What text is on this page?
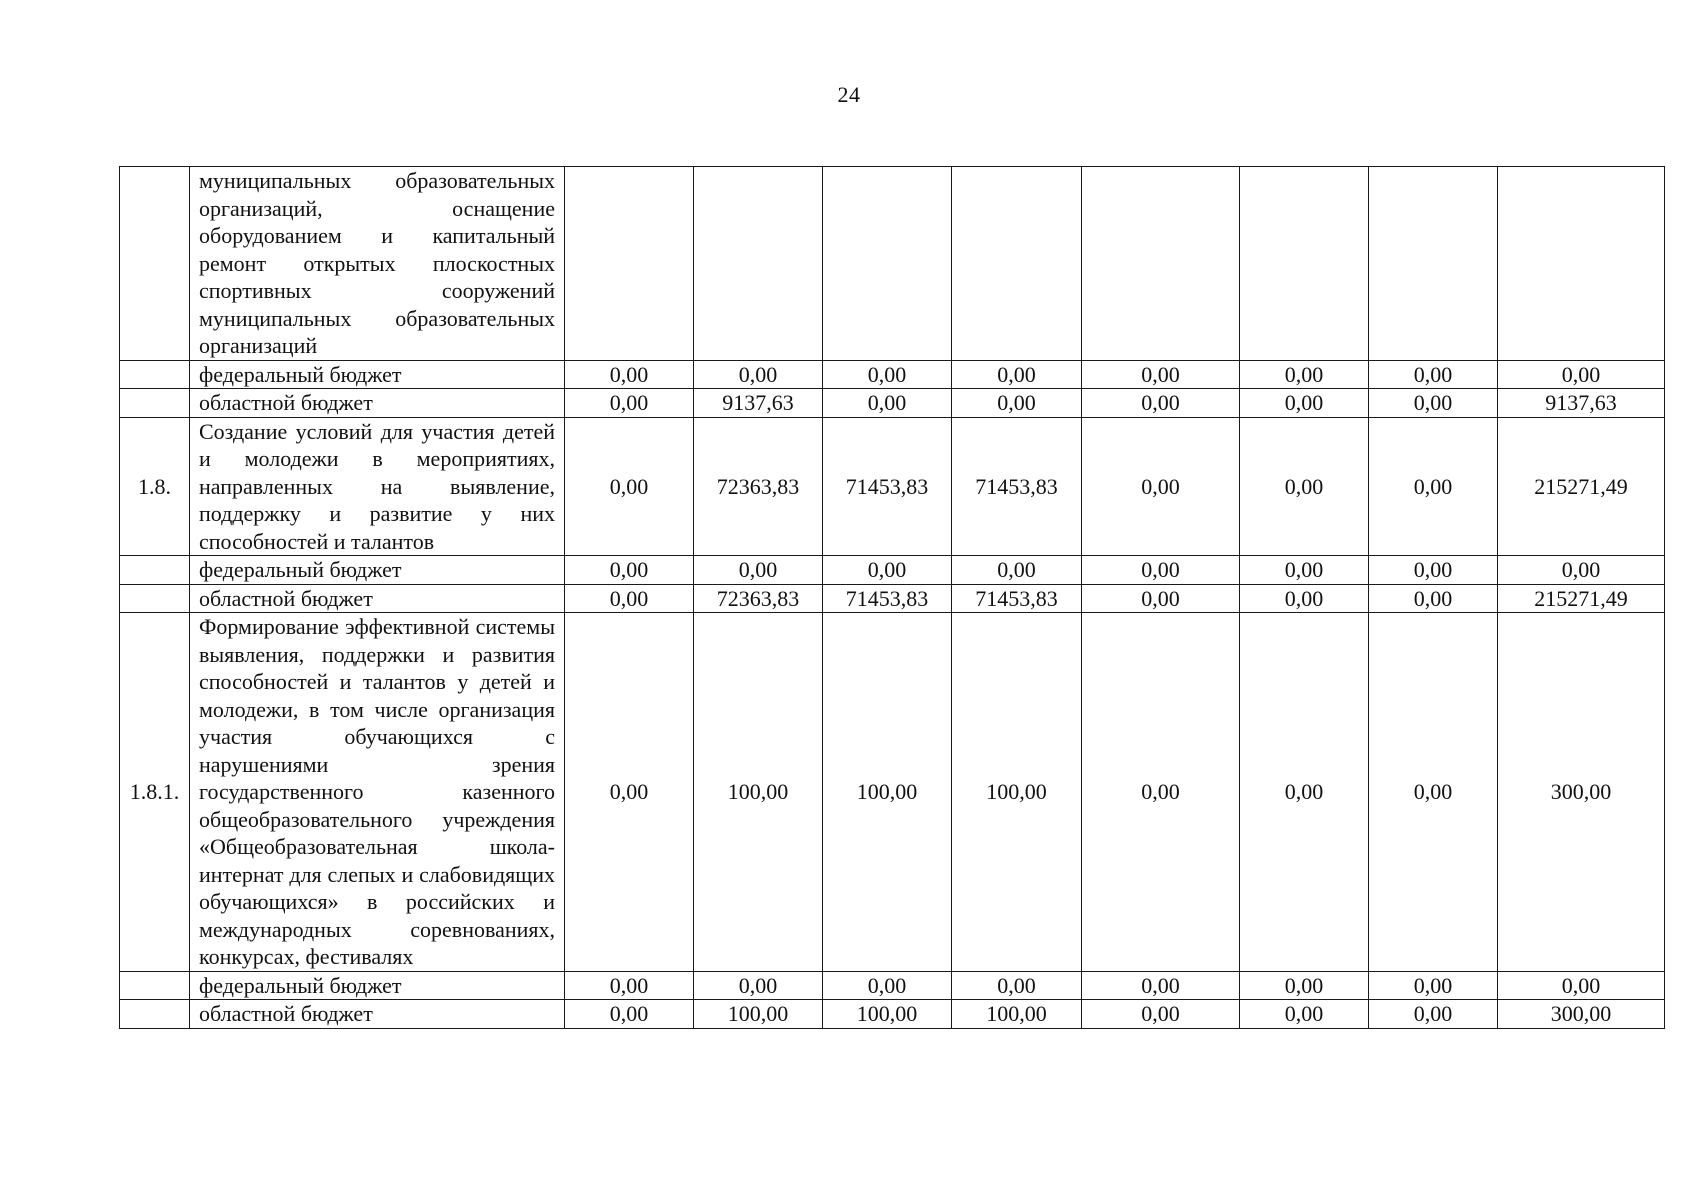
24
	муниципальных образовательных организаций, оснащение оборудованием и капитальный ремонт открытых плоскостных спортивных сооружений муниципальных образовательных организаций								
	федеральный бюджет	0,00	0,00	0,00	0,00	0,00	0,00	0,00	0,00
	областной бюджет	0,00	9137,63	0,00	0,00	0,00	0,00	0,00	9137,63
1.8.	Создание условий для участия детей и молодежи в мероприятиях, направленных на выявление, поддержку и развитие у них способностей и талантов	0,00	72363,83	71453,83	71453,83	0,00	0,00	0,00	215271,49
	федеральный бюджет	0,00	0,00	0,00	0,00	0,00	0,00	0,00	0,00
	областной бюджет	0,00	72363,83	71453,83	71453,83	0,00	0,00	0,00	215271,49
1.8.1.	Формирование эффективной системы выявления, поддержки и развития способностей и талантов у детей и молодежи, в том числе организация участия обучающихся с нарушениями зрения государственного казенного общеобразовательного учреждения «Общеобразовательная школа-интернат для слепых и слабовидящих обучающихся» в российских и международных соревнованиях, конкурсах, фестивалях	0,00	100,00	100,00	100,00	0,00	0,00	0,00	300,00
	федеральный бюджет	0,00	0,00	0,00	0,00	0,00	0,00	0,00	0,00
	областной бюджет	0,00	100,00	100,00	100,00	0,00	0,00	0,00	300,00
